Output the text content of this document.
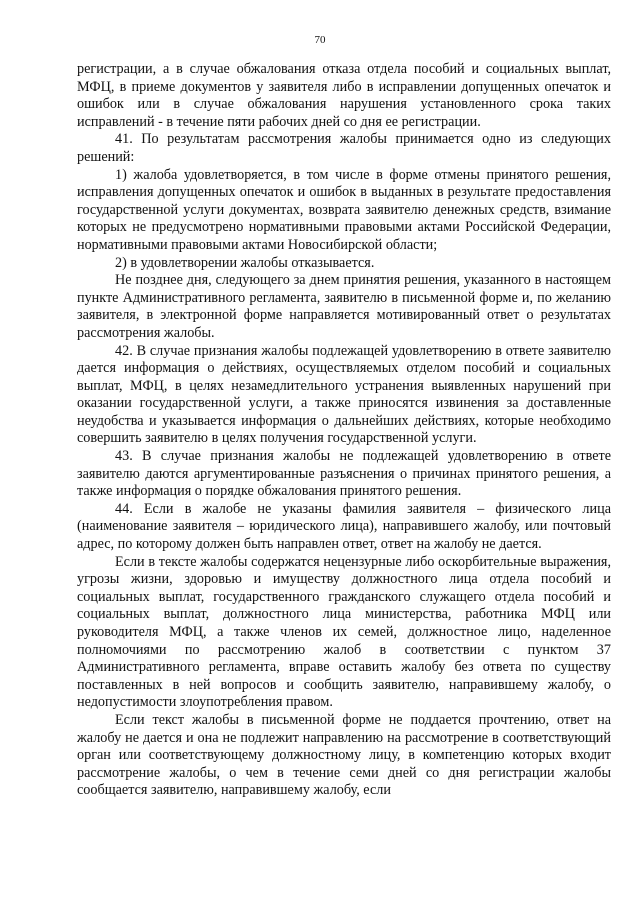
70

регистрации, а в случае обжалования отказа отдела пособий и социальных выплат, МФЦ, в приеме документов у заявителя либо в исправлении допущенных опечаток и ошибок или в случае обжалования нарушения установленного срока таких исправлений - в течение пяти рабочих дней со дня ее регистрации.

41. По результатам рассмотрения жалобы принимается одно из следующих решений:

1) жалоба удовлетворяется, в том числе в форме отмены принятого решения, исправления допущенных опечаток и ошибок в выданных в результате предоставления государственной услуги документах, возврата заявителю денежных средств, взимание которых не предусмотрено нормативными правовыми актами Российской Федерации, нормативными правовыми актами Новосибирской области;

2) в удовлетворении жалобы отказывается.

Не позднее дня, следующего за днем принятия решения, указанного в настоящем пункте Административного регламента, заявителю в письменной форме и, по желанию заявителя, в электронной форме направляется мотивированный ответ о результатах рассмотрения жалобы.

42. В случае признания жалобы подлежащей удовлетворению в ответе заявителю дается информация о действиях, осуществляемых отделом пособий и социальных выплат, МФЦ, в целях незамедлительного устранения выявленных нарушений при оказании государственной услуги, а также приносятся извинения за доставленные неудобства и указывается информация о дальнейших действиях, которые необходимо совершить заявителю в целях получения государственной услуги.

43. В случае признания жалобы не подлежащей удовлетворению в ответе заявителю даются аргументированные разъяснения о причинах принятого решения, а также информация о порядке обжалования принятого решения.

44. Если в жалобе не указаны фамилия заявителя – физического лица (наименование заявителя – юридического лица), направившего жалобу, или почтовый адрес, по которому должен быть направлен ответ, ответ на жалобу не дается.

Если в тексте жалобы содержатся нецензурные либо оскорбительные выражения, угрозы жизни, здоровью и имуществу должностного лица отдела пособий и социальных выплат, государственного гражданского служащего отдела пособий и социальных выплат, должностного лица министерства, работника МФЦ или руководителя МФЦ, а также членов их семей, должностное лицо, наделенное полномочиями по рассмотрению жалоб в соответствии с пунктом 37 Административного регламента, вправе оставить жалобу без ответа по существу поставленных в ней вопросов и сообщить заявителю, направившему жалобу, о недопустимости злоупотребления правом.

Если текст жалобы в письменной форме не поддается прочтению, ответ на жалобу не дается и она не подлежит направлению на рассмотрение в соответствующий орган или соответствующему должностному лицу, в компетенцию которых входит рассмотрение жалобы, о чем в течение семи дней со дня регистрации жалобы сообщается заявителю, направившему жалобу, если
